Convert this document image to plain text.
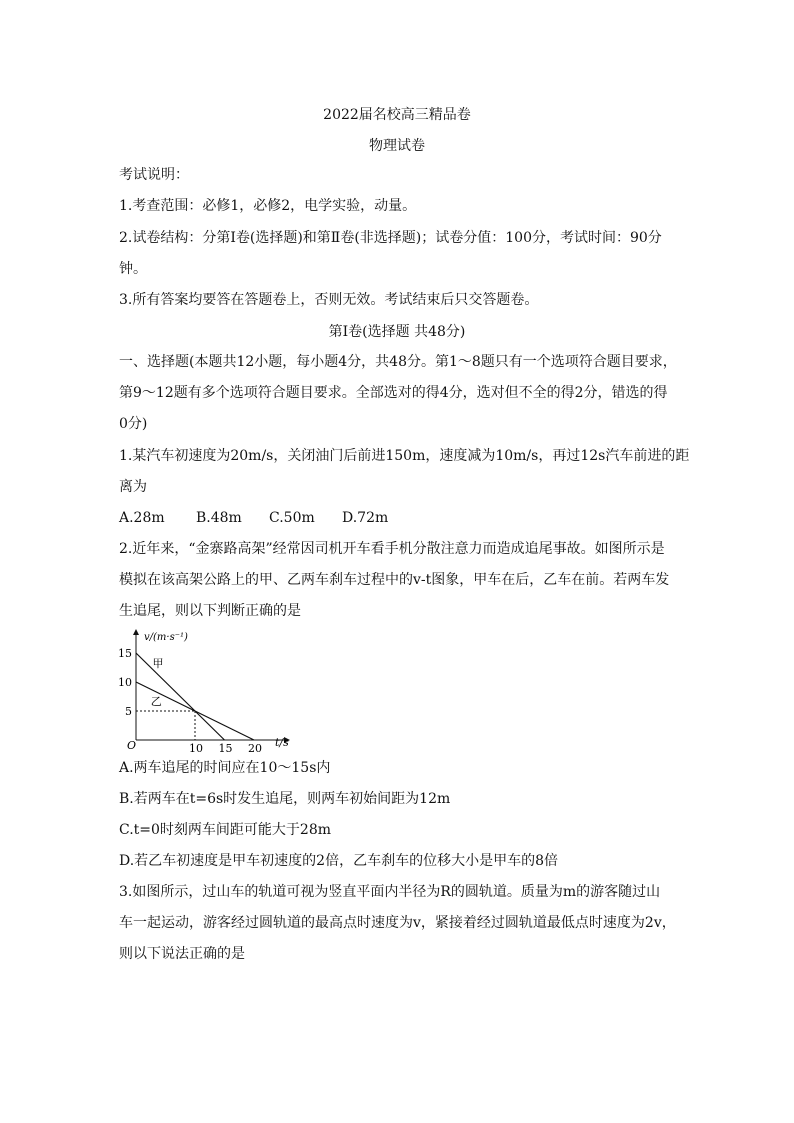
2022届名校高三精品卷
物理试卷
考试说明：
1.考查范围：必修1，必修2，电学实验，动量。
2.试卷结构：分第Ⅰ卷(选择题)和第Ⅱ卷(非选择题)；试卷分值：100分，考试时间：90分
钟。
3.所有答案均要答在答题卷上，否则无效。考试结束后只交答题卷。
第Ⅰ卷(选择题 共48分)
一、选择题(本题共12小题，每小题4分，共48分。第1～8题只有一个选项符合题目要求，
第9～12题有多个选项符合题目要求。全部选对的得4分，选对但不全的得2分，错选的得
0分)
1.某汽车初速度为20m/s，关闭油门后前进150m，速度减为10m/s，再过12s汽车前进的距
离为
A.28m B.48m C.50m D.72m
2.近年来，“金寨路高架”经常因司机开车看手机分散注意力而造成追尾事故。如图所示是
模拟在该高架公路上的甲、乙两车刹车过程中的v-t图象，甲车在后，乙车在前。若两车发
生追尾，则以下判断正确的是
v/(m·s⁻¹)
t/s
O	10 15 20
5
10
15
甲
乙
A.两车追尾的时间应在10～15s内
B.若两车在t=6s时发生追尾，则两车初始间距为12m
C.t=0时刻两车间距可能大于28m
D.若乙车初速度是甲车初速度的2倍，乙车刹车的位移大小是甲车的8倍
3.如图所示，过山车的轨道可视为竖直平面内半径为R的圆轨道。质量为m的游客随过山
车一起运动，游客经过圆轨道的最高点时速度为v，紧接着经过圆轨道最低点时速度为2v，
则以下说法正确的是
